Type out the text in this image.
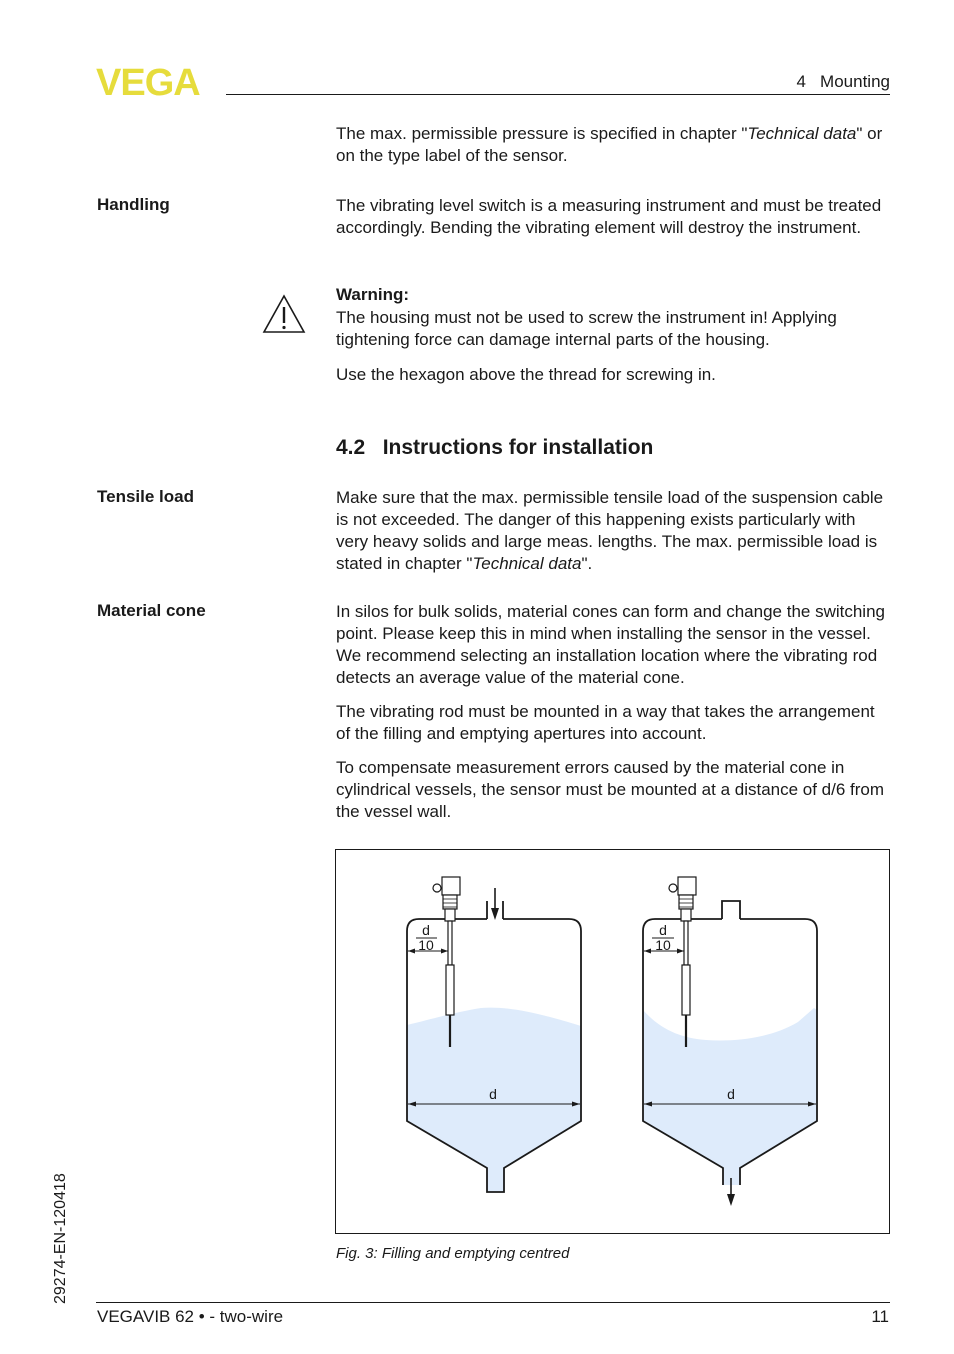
VEGA	4   Mounting

The max. permissible pressure is specified in chapter "Technical data" or on the type label of the sensor.

Handling	The vibrating level switch is a measuring instrument and must be treated accordingly. Bending the vibrating element will destroy the instrument.

Warning:

The housing must not be used to screw the instrument in! Applying tightening force can damage internal parts of the housing.

Use the hexagon above the thread for screwing in.

4.2   Instructions for installation
Tensile load	Make sure that the max. permissible tensile load of the suspension cable is not exceeded. The danger of this happening exists particularly with very heavy solids and large meas. lengths. The max. permissible load is stated in chapter "Technical data".

Material cone	In silos for bulk solids, material cones can form and change the switching point. Please keep this in mind when installing the sensor in the vessel. We recommend selecting an installation location where the vibrating rod detects an average value of the material cone.

The vibrating rod must be mounted in a way that takes the arrangement of the filling and emptying apertures into account.

To compensate measurement errors caused by the material cone in cylindrical vessels, the sensor must be mounted at a distance of d/6 from the vessel wall.

d
10
d
d
10
d
Fig. 3: Filling and emptying centred
29274-EN-120418
VEGAVIB 62 • - two-wire	11
